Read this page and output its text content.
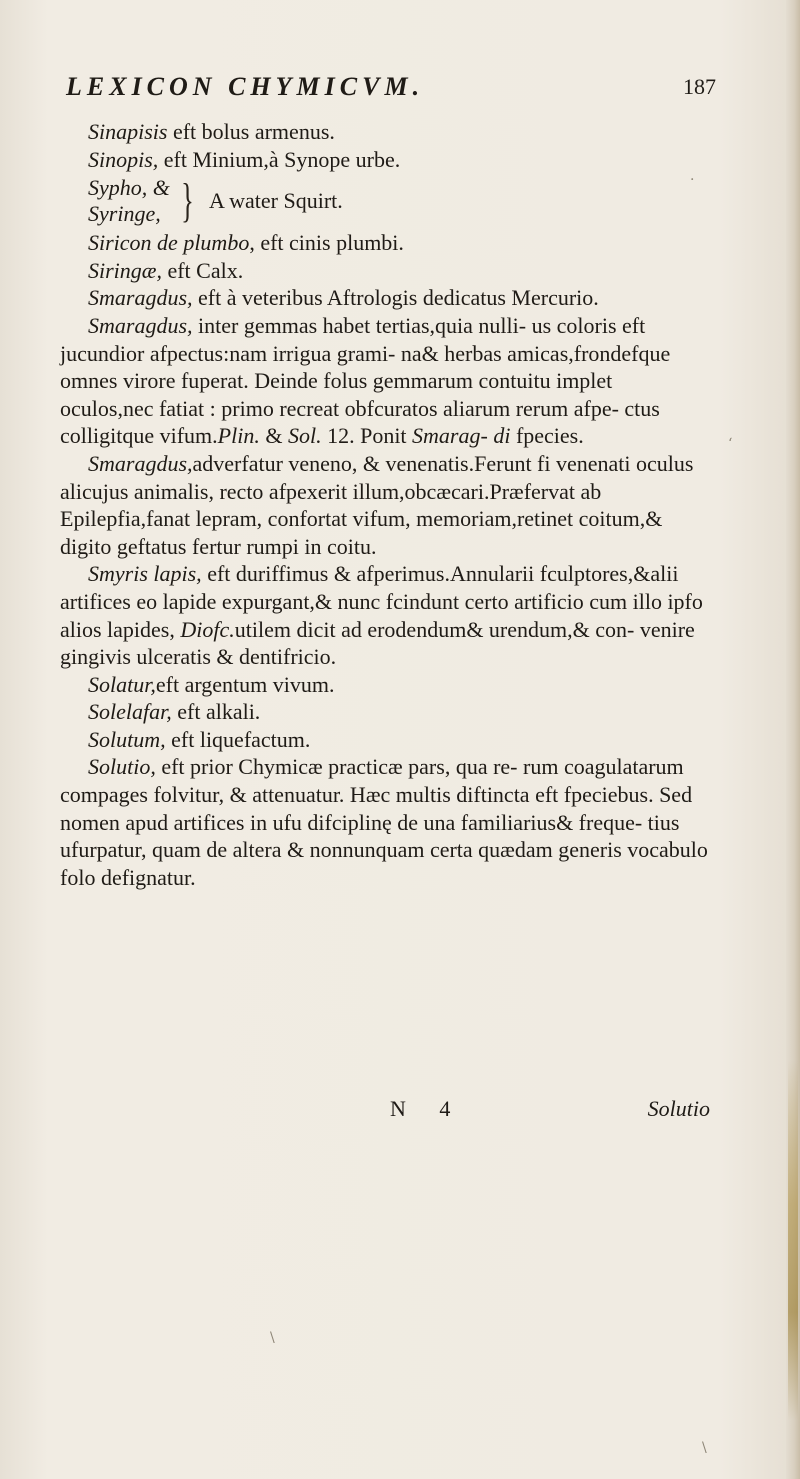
LEXICON CHYMICVM.	187

Sinapisis eft bolus armenus.

Sinopis, eft Minium,à Synope urbe.

Sypho, &
Syringe, } A water Squirt.

Siricon de plumbo, eft cinis plumbi.

Siringæ, eft Calx.

Smaragdus, eft à veteribus Aftrologis dedicatus Mercurio.

Smaragdus, inter gemmas habet tertias,quia nulli- us coloris eft jucundior afpectus:nam irrigua grami- na& herbas amicas,frondefque omnes virore fuperat. Deinde folus gemmarum contuitu implet oculos,nec fatiat : primo recreat obfcuratos aliarum rerum afpe- ctus colligitque vifum.Plin. & Sol. 12. Ponit Smarag- di fpecies.

Smaragdus,adverfatur veneno, & venenatis.Ferunt fi venenati oculus alicujus animalis, recto afpexerit illum,obcæcari.Præfervat ab Epilepfia,fanat lepram, confortat vifum, memoriam,retinet coitum,& digito geftatus fertur rumpi in coitu.

Smyris lapis, eft duriffimus & afperimus.Annularii fculptores,&alii artifices eo lapide expurgant,& nunc fcindunt certo artificio cum illo ipfo alios lapides, Diofc.utilem dicit ad erodendum& urendum,& con- venire gingivis ulceratis & dentifricio.

Solatur,eft argentum vivum.

Solelafar, eft alkali.

Solutum, eft liquefactum.

Solutio, eft prior Chymicæ practicæ pars, qua re- rum coagulatarum compages folvitur, & attenuatur. Hæc multis diftincta eft fpeciebus. Sed nomen apud artifices in ufu difciplinę de una familiarius& freque- tius ufurpatur, quam de altera & nonnunquam certa quædam generis vocabulo folo defignatur.

N 4	Solutio
·
‘
\
\
